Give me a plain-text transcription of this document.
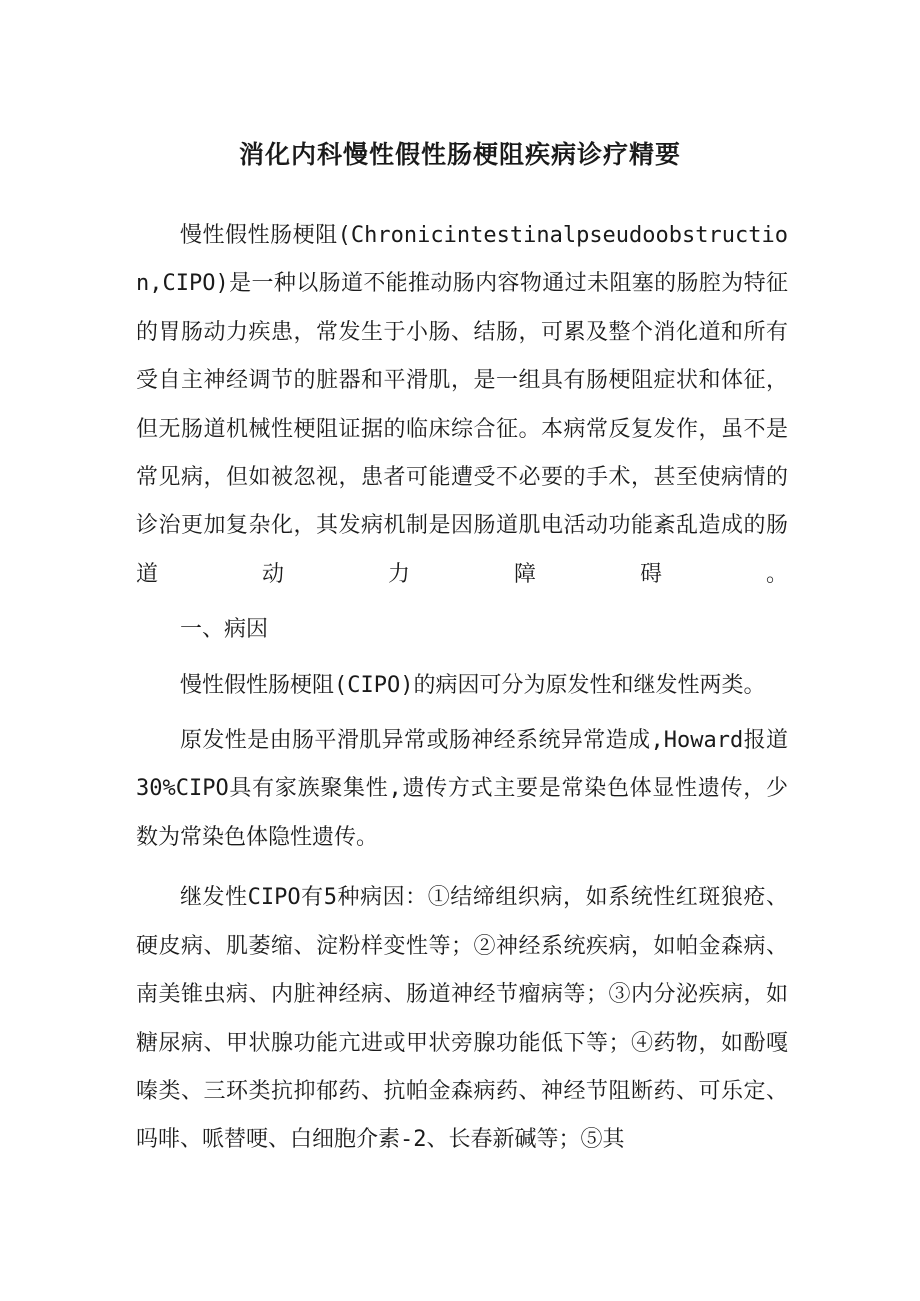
消化内科慢性假性肠梗阻疾病诊疗精要

慢性假性肠梗阻(Chronicintestinalpseudoobstruction,CIPO)是一种以肠道不能推动肠内容物通过未阻塞的肠腔为特征的胃肠动力疾患，常发生于小肠、结肠，可累及整个消化道和所有受自主神经调节的脏器和平滑肌，是一组具有肠梗阻症状和体征，但无肠道机械性梗阻证据的临床综合征。本病常反复发作，虽不是常见病，但如被忽视，患者可能遭受不必要的手术，甚至使病情的诊治更加复杂化，其发病机制是因肠道肌电活动功能紊乱造成的肠道动力障碍。

一、病因

慢性假性肠梗阻(CIPO)的病因可分为原发性和继发性两类。

原发性是由肠平滑肌异常或肠神经系统异常造成,Howard报道30%CIPO具有家族聚集性,遗传方式主要是常染色体显性遗传，少数为常染色体隐性遗传。

继发性CIPO有5种病因：①结缔组织病，如系统性红斑狼疮、硬皮病、肌萎缩、淀粉样变性等；②神经系统疾病，如帕金森病、南美锥虫病、内脏神经病、肠道神经节瘤病等；③内分泌疾病，如糖尿病、甲状腺功能亢进或甲状旁腺功能低下等；④药物，如酚嘎嗪类、三环类抗抑郁药、抗帕金森病药、神经节阻断药、可乐定、吗啡、哌替哽、白细胞介素-2、长春新碱等；⑤其
